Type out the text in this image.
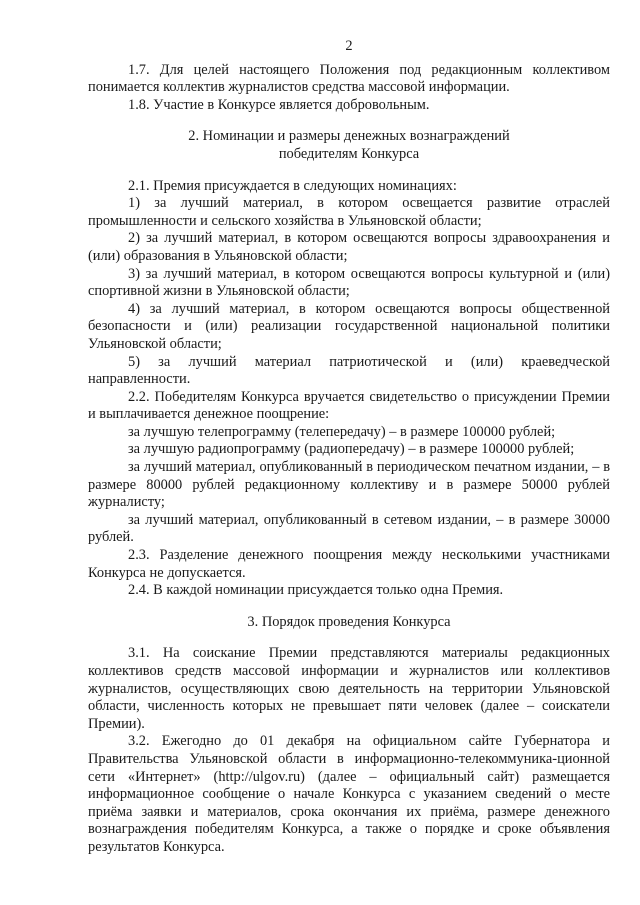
2

1.7. Для целей настоящего Положения под редакционным коллективом понимается коллектив журналистов средства массовой информации.

1.8. Участие в Конкурсе является добровольным.

2. Номинации и размеры денежных вознаграждений
победителям Конкурса

2.1. Премия присуждается в следующих номинациях:

1) за лучший материал, в котором освещается развитие отраслей промышленности и сельского хозяйства в Ульяновской области;

2) за лучший материал, в котором освещаются вопросы здравоохранения и (или) образования в Ульяновской области;

3) за лучший материал, в котором освещаются вопросы культурной и (или) спортивной жизни в Ульяновской области;

4) за лучший материал, в котором освещаются вопросы общественной безопасности и (или) реализации государственной национальной политики Ульяновской области;

5) за лучший материал патриотической и (или) краеведческой направленности.

2.2. Победителям Конкурса вручается свидетельство о присуждении Премии и выплачивается денежное поощрение:

за лучшую телепрограмму (телепередачу) – в размере 100000 рублей;

за лучшую радиопрограмму (радиопередачу) – в размере 100000 рублей;

за лучший материал, опубликованный в периодическом печатном издании, – в размере 80000 рублей редакционному коллективу и в размере 50000 рублей журналисту;

за лучший материал, опубликованный в сетевом издании, – в размере 30000 рублей.

2.3. Разделение денежного поощрения между несколькими участниками Конкурса не допускается.

2.4. В каждой номинации присуждается только одна Премия.

3. Порядок проведения Конкурса

3.1. На соискание Премии представляются материалы редакционных коллективов средств массовой информации и журналистов или коллективов журналистов, осуществляющих свою деятельность на территории Ульяновской области, численность которых не превышает пяти человек (далее – соискатели Премии).

3.2. Ежегодно до 01 декабря на официальном сайте Губернатора и Правительства Ульяновской области в информационно-телекоммуника-ционной сети «Интернет» (http://ulgov.ru) (далее – официальный сайт) размещается информационное сообщение о начале Конкурса с указанием сведений о месте приёма заявки и материалов, срока окончания их приёма, размере денежного вознаграждения победителям Конкурса, а также о порядке и сроке объявления результатов Конкурса.
